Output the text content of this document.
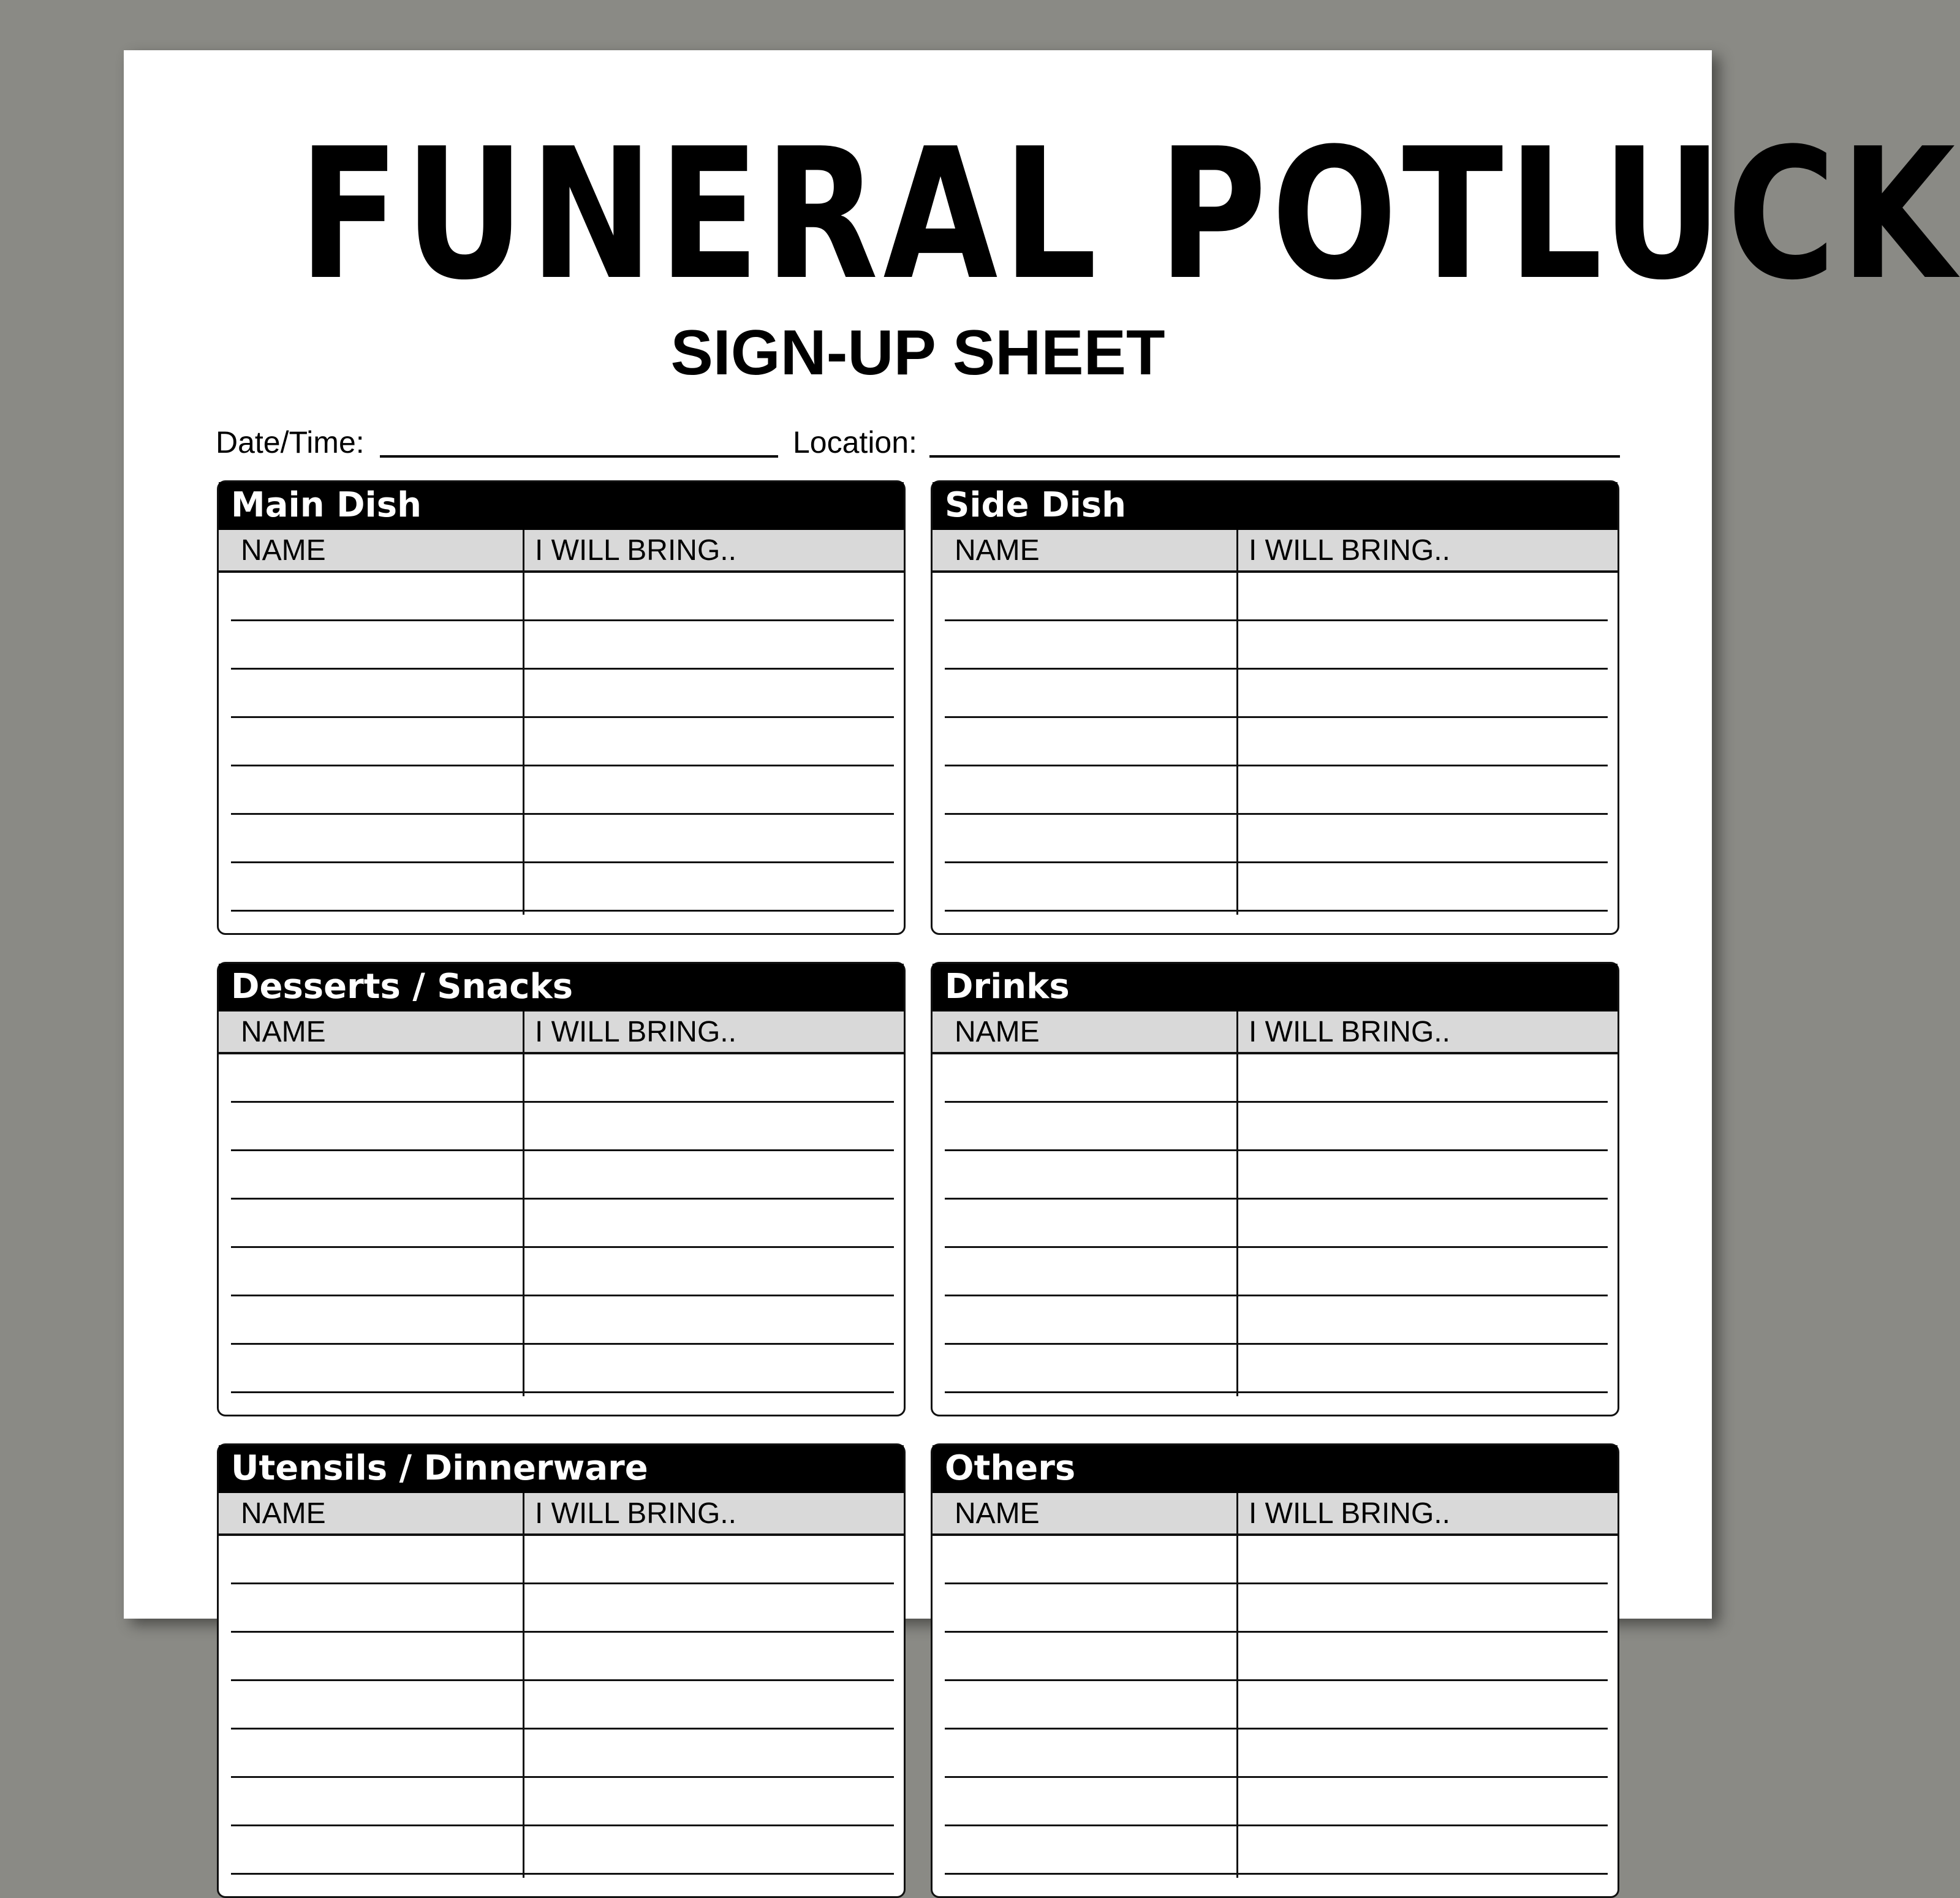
FUNERAL POTLUCK
SIGN-UP SHEET
Date/Time:	Location:
Main Dish
NAME	I WILL BRING..
Side Dish
NAME	I WILL BRING..
Desserts / Snacks
NAME	I WILL BRING..
Drinks
NAME	I WILL BRING..
Utensils / Dinnerware
NAME	I WILL BRING..
Others
NAME	I WILL BRING..
